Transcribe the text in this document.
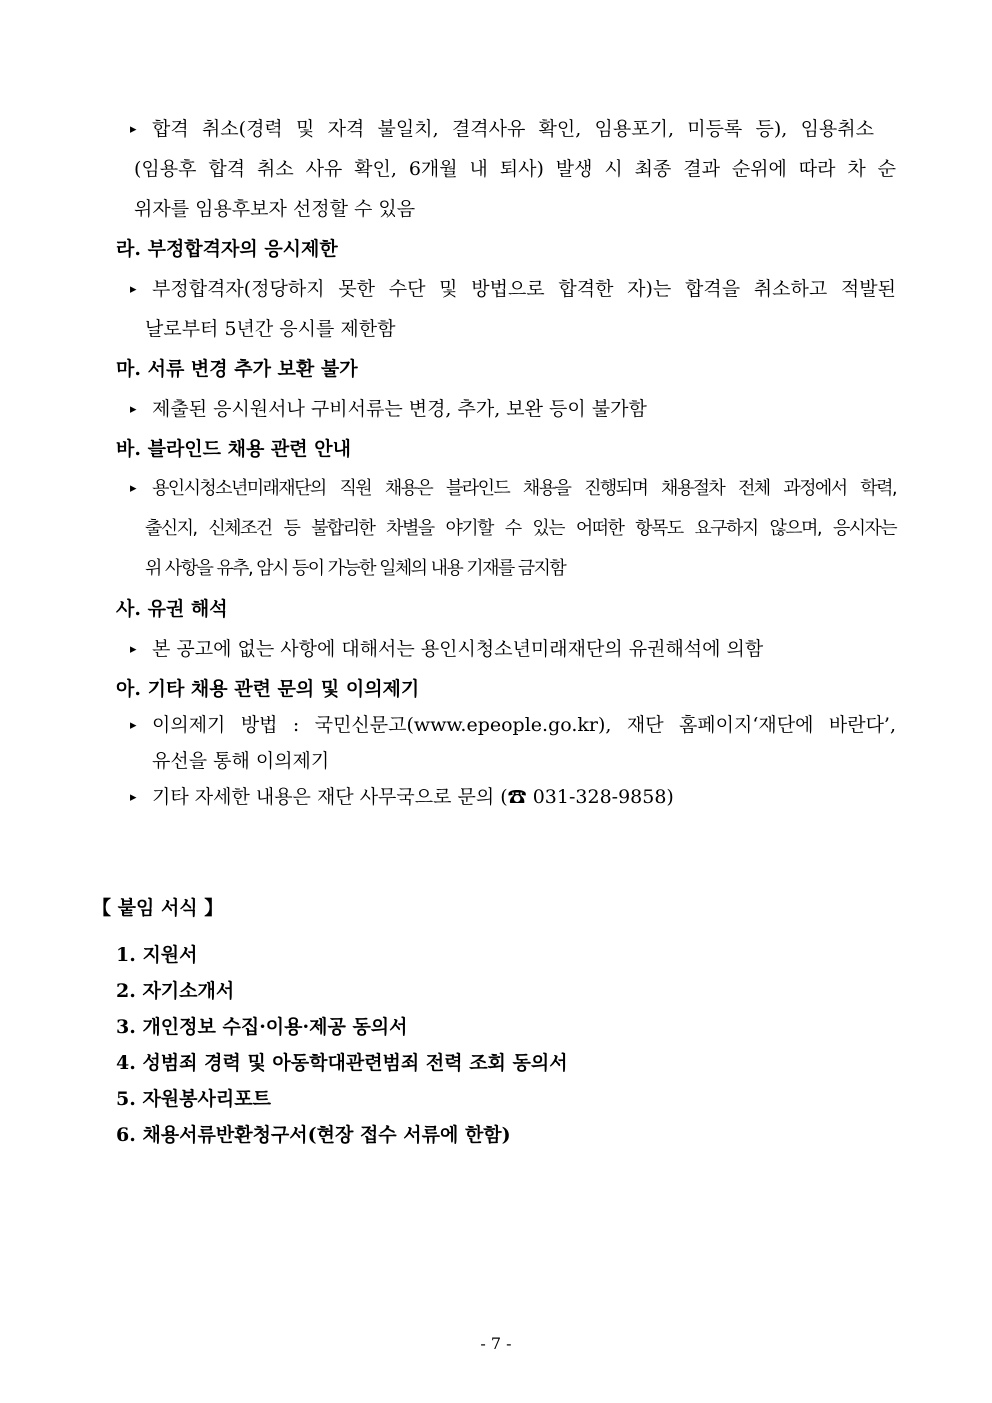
▸ 합격 취소(경력 및 자격 불일치, 결격사유 확인, 임용포기, 미등록 등), 임용취소
(임용후 합격 취소 사유 확인, 6개월 내 퇴사) 발생 시 최종 결과 순위에 따라 차 순
위자를 임용후보자 선정할 수 있음
라. 부정합격자의 응시제한
▸ 부정합격자(정당하지 못한 수단 및 방법으로 합격한 자)는 합격을 취소하고 적발된
날로부터 5년간 응시를 제한함
마. 서류 변경 추가 보환 불가
▸ 제출된 응시원서나 구비서류는 변경, 추가, 보완 등이 불가함
바. 블라인드 채용 관련 안내
▸ 용인시청소년미래재단의 직원 채용은 블라인드 채용을 진행되며 채용절차 전체 과정에서 학력,
출신지, 신체조건 등 불합리한 차별을 야기할 수 있는 어떠한 항목도 요구하지 않으며, 응시자는
위 사항을 유추, 암시 등이 가능한 일체의 내용 기재를 금지함
사. 유권 해석
▸ 본 공고에 없는 사항에 대해서는 용인시청소년미래재단의 유권해석에 의함
아. 기타 채용 관련 문의 및 이의제기
▸ 이의제기 방법 : 국민신문고(www.epeople.go.kr), 재단 홈페이지‘재단에 바란다’,
유선을 통해 이의제기
▸ 기타 자세한 내용은 재단 사무국으로 문의 (☎ 031-328-9858)
【 붙임 서식 】
1. 지원서
2. 자기소개서
3. 개인정보 수집·이용·제공 동의서
4. 성범죄 경력 및 아동학대관련범죄 전력 조회 동의서
5. 자원봉사리포트
6. 채용서류반환청구서(현장 접수 서류에 한함)
- 7 -
